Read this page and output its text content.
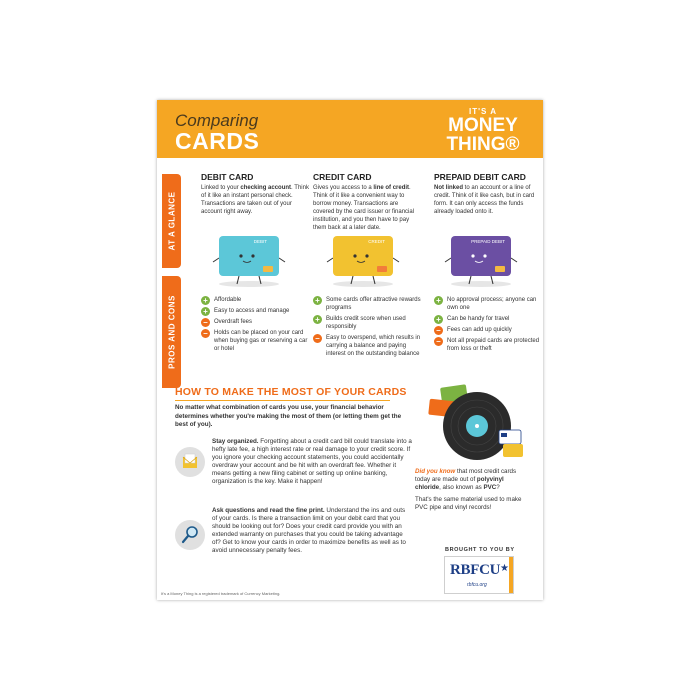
Comparing
CARDS
IT'S A
MONEY
THING®
AT A GLANCE
PROS AND CONS
DEBIT CARD
Linked to your checking account. Think of it like an instant personal check. Transactions are taken out of your account right away.
CREDIT CARD
Gives you access to a line of credit. Think of it like a convenient way to borrow money. Transactions are covered by the card issuer or financial institution, and you then have to pay them back at a later date.
PREPAID DEBIT CARD
Not linked to an account or a line of credit. Think of it like cash, but in card form. It can only access the funds already loaded onto it.
DEBIT	CREDIT	PREPAID DEBIT
+	Affordable
+	Easy to access and manage
–	Overdraft fees
–	Holds can be placed on your card when buying gas or reserving a car or hotel
+	Some cards offer attractive rewards programs
+	Builds credit score when used responsibly
–	Easy to overspend, which results in carrying a balance and paying interest on the outstanding balance
+	No approval process; anyone can own one
+	Can be handy for travel
–	Fees can add up quickly
–	Not all prepaid cards are protected from loss or theft
HOW TO MAKE THE MOST OF YOUR CARDS
No matter what combination of cards you use, your financial behavior determines whether you're making the most of them (or letting them get the best of you).
Stay organized. Forgetting about a credit card bill could translate into a hefty late fee, a high interest rate or real damage to your credit score. If you ignore your checking account statements, you could accidentally overdraw your account and be hit with an overdraft fee. Whether it means getting a new filing cabinet or setting up online banking, organization is the key. Make it happen!
Ask questions and read the fine print. Understand the ins and outs of your cards. Is there a transaction limit on your debit card that you should be looking out for? Does your credit card provide you with an extended warranty on purchases that you could be taking advantage of? Get to know your cards in order to maximize benefits as well as to avoid unnecessary penalty fees.
Did you know that most credit cards today are made out of polyvinyl chloride, also known as PVC?
That's the same material used to make PVC pipe and vinyl records!
BROUGHT TO YOU BY
RBFCU ★
rbfcu.org
It's a Money Thing is a registered trademark of Currency Marketing.
